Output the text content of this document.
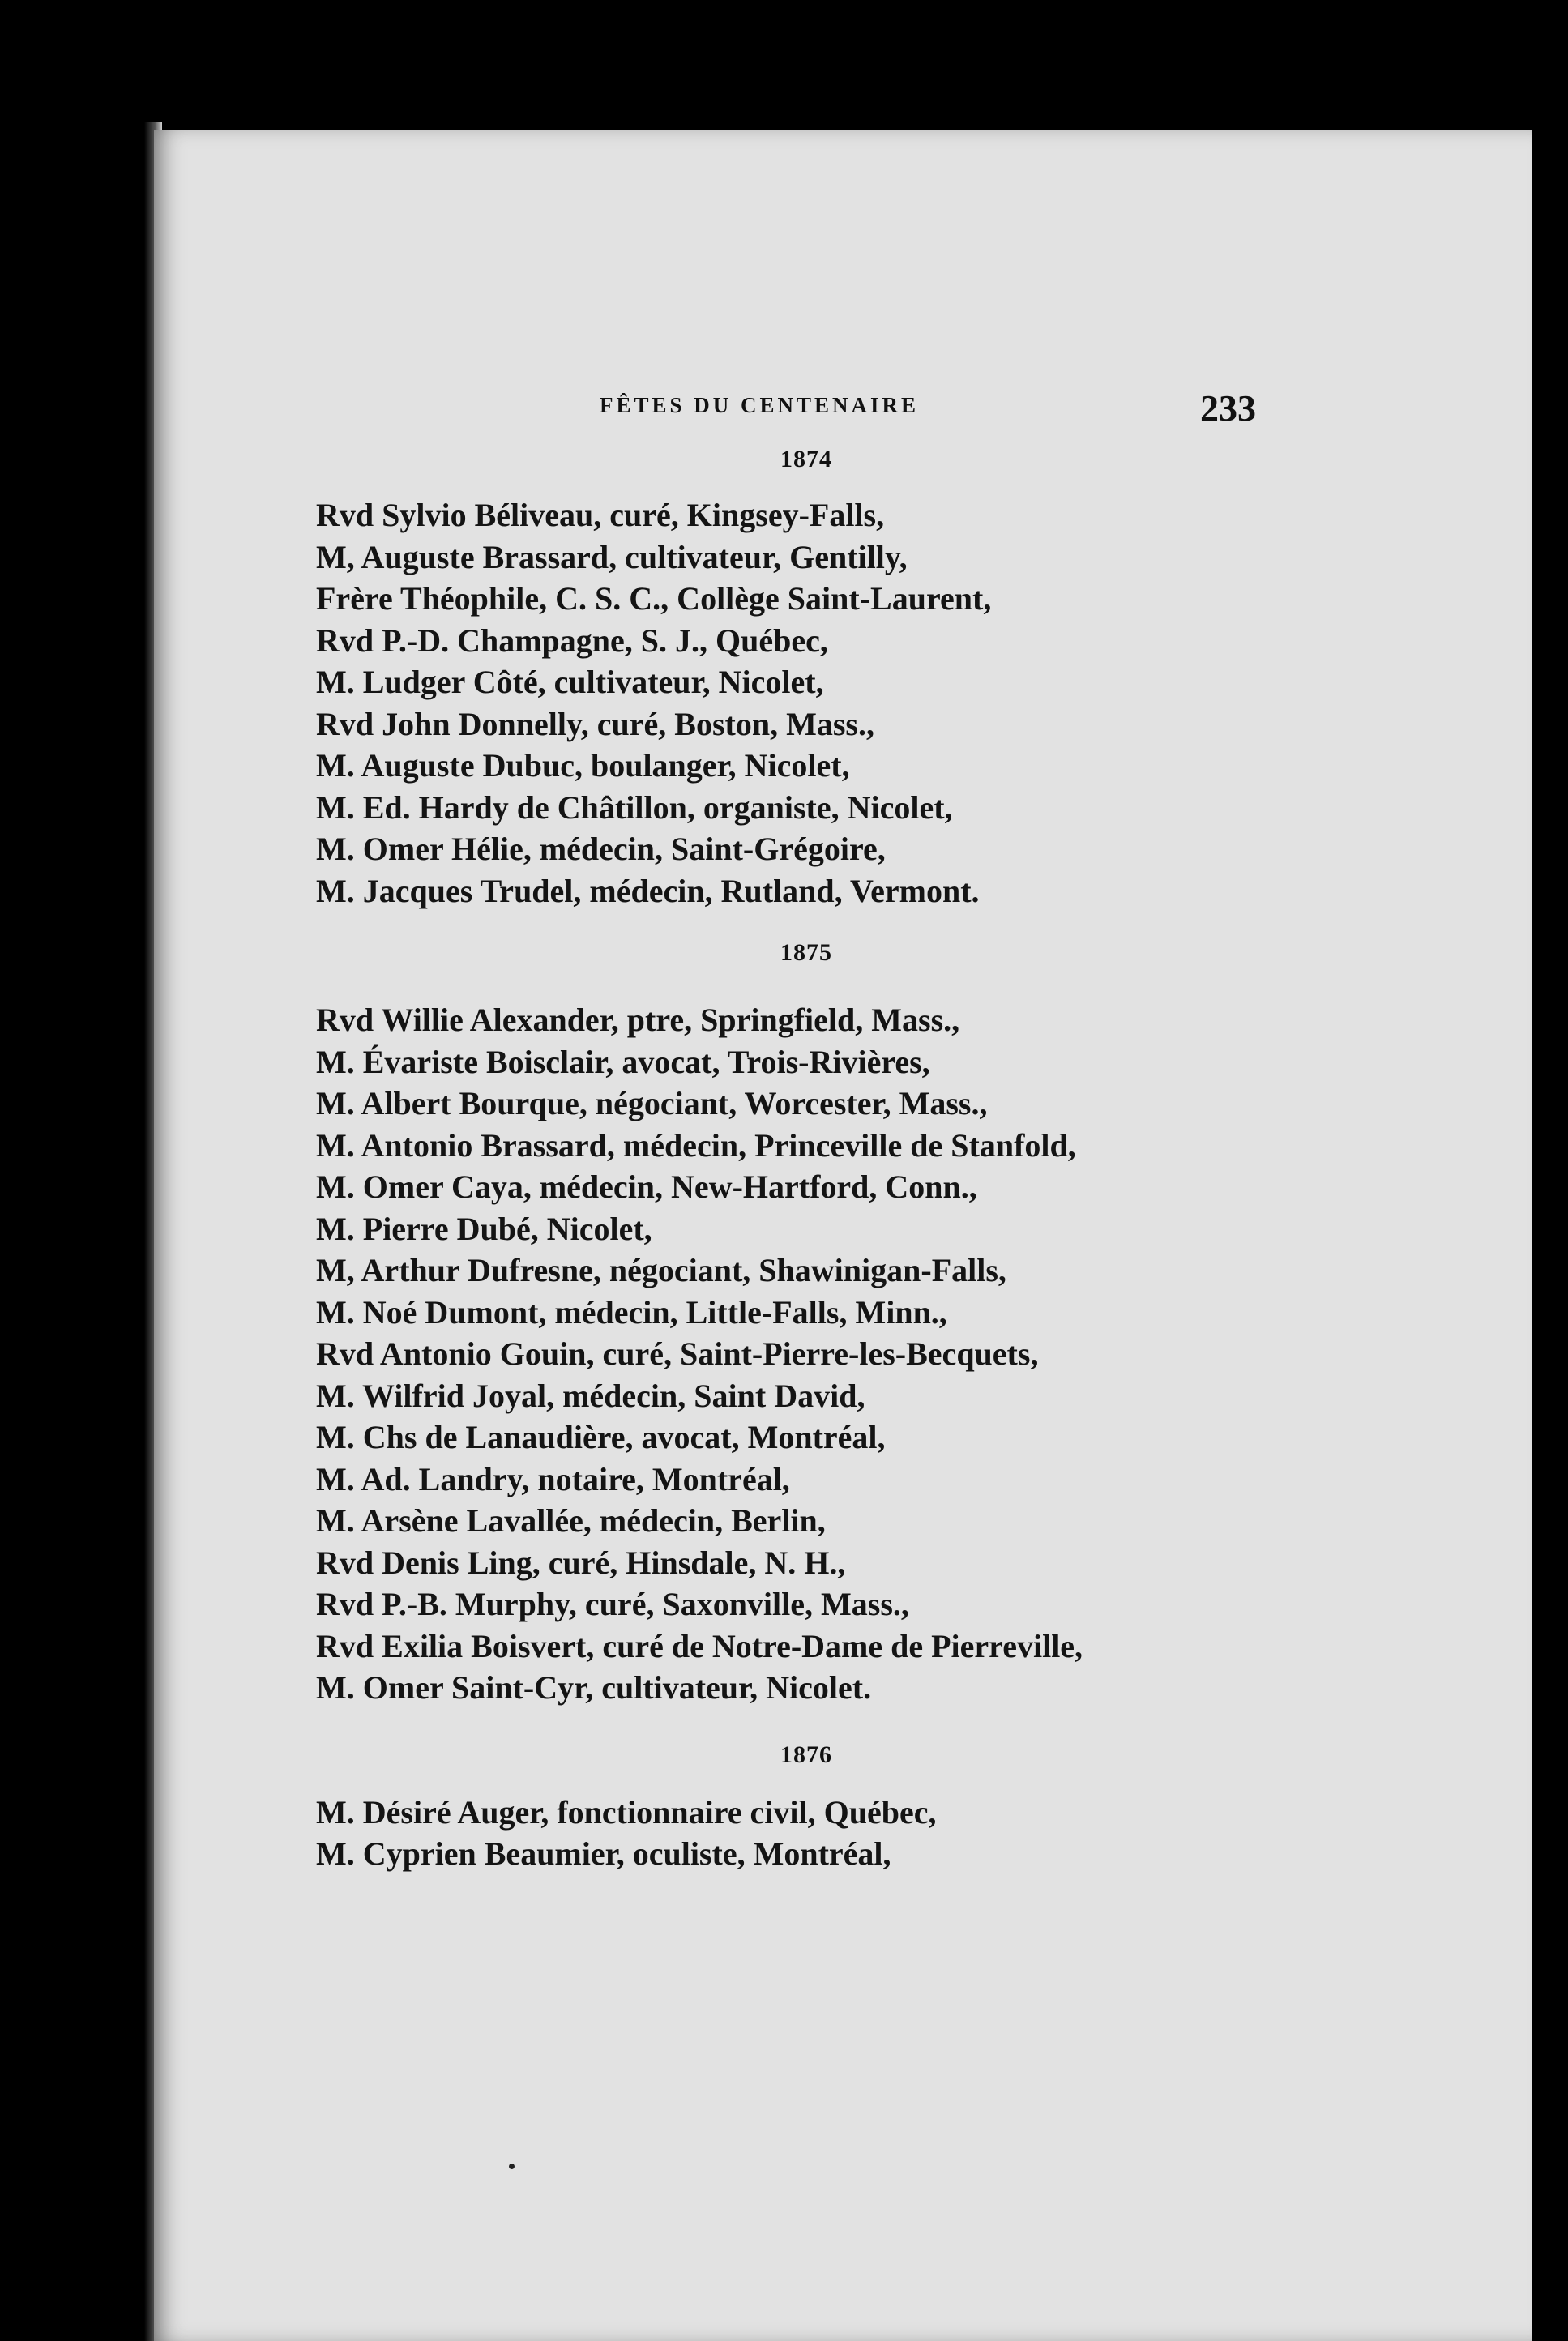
FÊTES DU CENTENAIRE	233
1874
Rvd Sylvio Béliveau, curé, Kingsey-Falls,
M, Auguste Brassard, cultivateur, Gentilly,
Frère Théophile, C. S. C., Collège Saint-Laurent,
Rvd P.-D. Champagne, S. J., Québec,
M. Ludger Côté, cultivateur, Nicolet,
Rvd John Donnelly, curé, Boston, Mass.,
M. Auguste Dubuc, boulanger, Nicolet,
M. Ed. Hardy de Châtillon, organiste, Nicolet,
M. Omer Hélie, médecin, Saint-Grégoire,
M. Jacques Trudel, médecin, Rutland, Vermont.
1875
Rvd Willie Alexander, ptre, Springfield, Mass.,
M. Évariste Boisclair, avocat, Trois-Rivières,
M. Albert Bourque, négociant, Worcester, Mass.,
M. Antonio Brassard, médecin, Princeville de Stanfold,
M. Omer Caya, médecin, New-Hartford, Conn.,
M. Pierre Dubé, Nicolet,
M, Arthur Dufresne, négociant, Shawinigan-Falls,
M. Noé Dumont, médecin, Little-Falls, Minn.,
Rvd Antonio Gouin, curé, Saint-Pierre-les-Becquets,
M. Wilfrid Joyal, médecin, Saint David,
M. Chs de Lanaudière, avocat, Montréal,
M. Ad. Landry, notaire, Montréal,
M. Arsène Lavallée, médecin, Berlin,
Rvd Denis Ling, curé, Hinsdale, N. H.,
Rvd P.-B. Murphy, curé, Saxonville, Mass.,
Rvd Exilia Boisvert, curé de Notre-Dame de Pierreville,
M. Omer Saint-Cyr, cultivateur, Nicolet.
1876
M. Désiré Auger, fonctionnaire civil, Québec,
M. Cyprien Beaumier, oculiste, Montréal,
